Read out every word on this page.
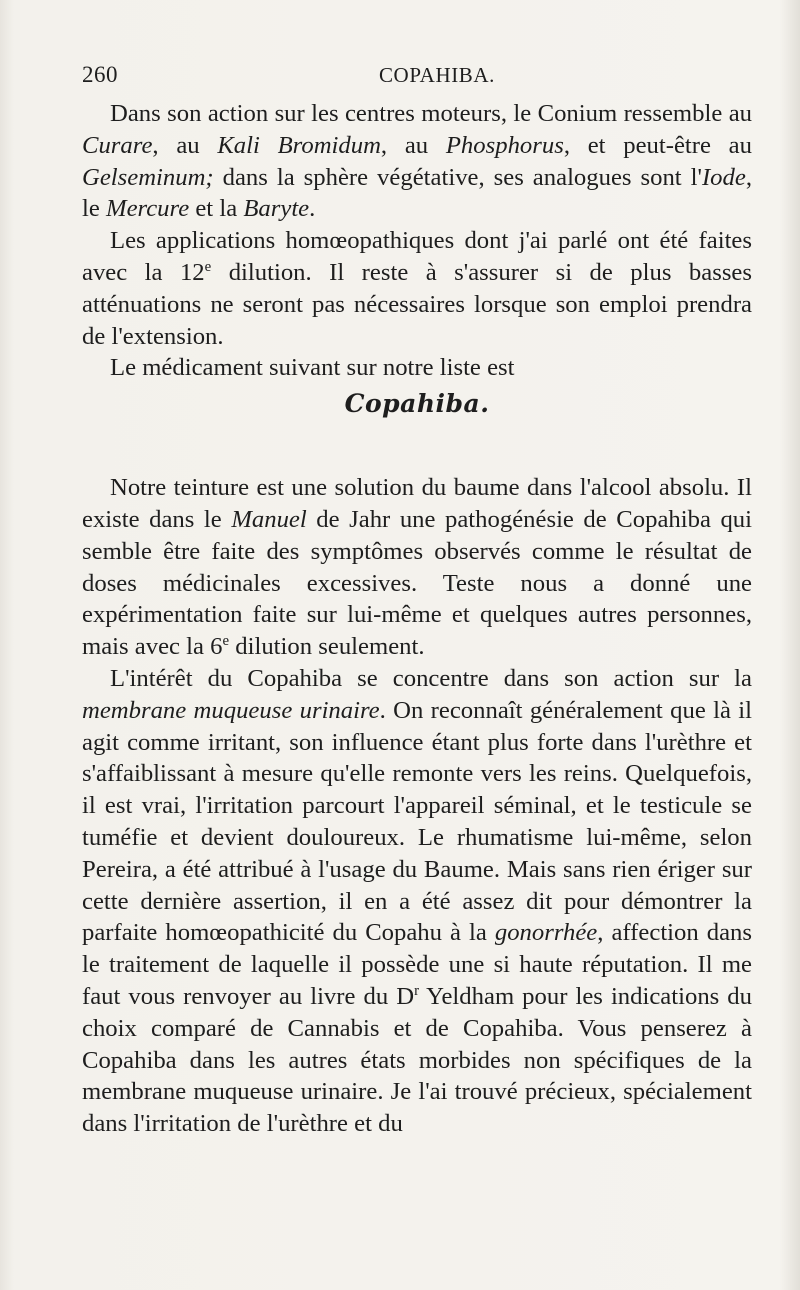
260	COPAHIBA.

Dans son action sur les centres moteurs, le Conium ressemble au Curare, au Kali Bromidum, au Phosphorus, et peut-être au Gelseminum; dans la sphère végétative, ses analogues sont l'Iode, le Mercure et la Baryte.

Les applications homœopathiques dont j'ai parlé ont été faites avec la 12e dilution. Il reste à s'assurer si de plus basses atténuations ne seront pas nécessaires lorsque son emploi prendra de l'extension.

Le médicament suivant sur notre liste est

Copahiba.

Notre teinture est une solution du baume dans l'alcool absolu. Il existe dans le Manuel de Jahr une pathogénésie de Copahiba qui semble être faite des symptômes observés comme le résultat de doses médicinales excessives. Teste nous a donné une expérimentation faite sur lui-même et quelques autres personnes, mais avec la 6e dilution seulement.

L'intérêt du Copahiba se concentre dans son action sur la membrane muqueuse urinaire. On reconnaît généralement que là il agit comme irritant, son influence étant plus forte dans l'urèthre et s'affaiblissant à mesure qu'elle remonte vers les reins. Quelquefois, il est vrai, l'irritation parcourt l'appareil séminal, et le testicule se tuméfie et devient douloureux. Le rhumatisme lui-même, selon Pereira, a été attribué à l'usage du Baume. Mais sans rien ériger sur cette dernière assertion, il en a été assez dit pour démontrer la parfaite homœopathicité du Copahu à la gonorrhée, affection dans le traitement de laquelle il possède une si haute réputation. Il me faut vous renvoyer au livre du $D^r$ Yeldham pour les indications du choix comparé de Cannabis et de Copahiba. Vous penserez à Copahiba dans les autres états morbides non spécifiques de la membrane muqueuse urinaire. Je l'ai trouvé précieux, spécialement dans l'irritation de l'urèthre et du
